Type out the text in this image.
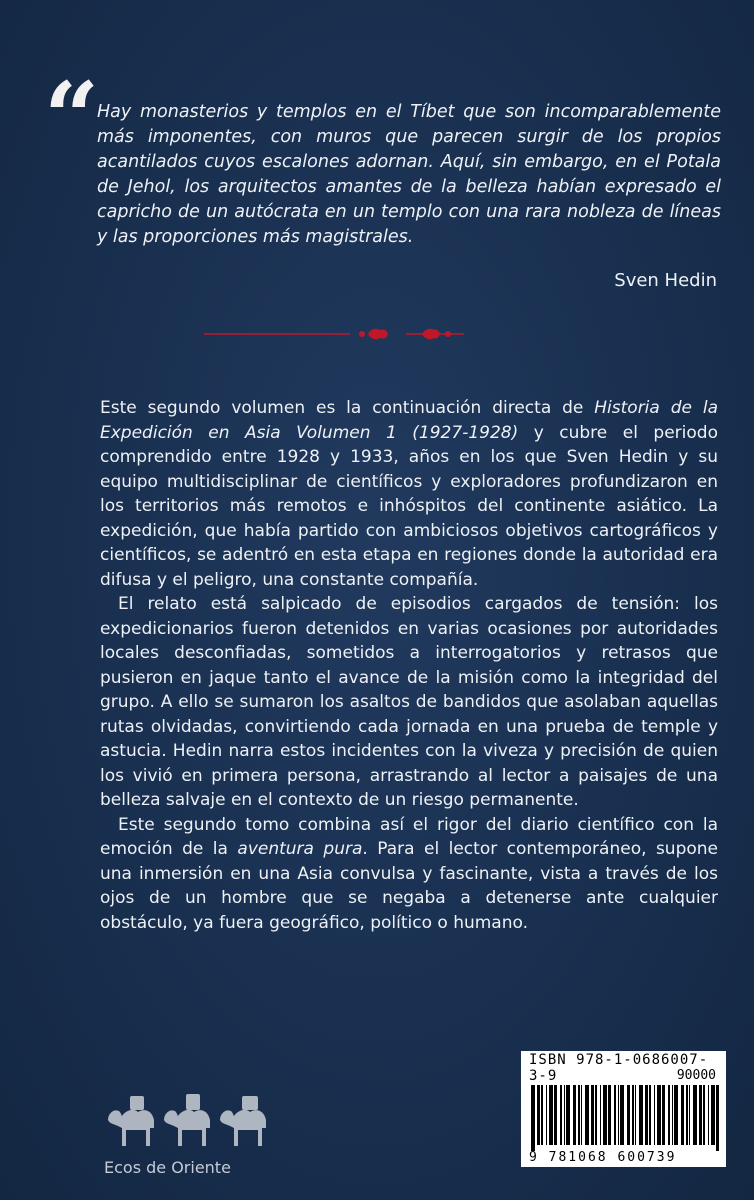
“
Hay monasterios y templos en el Tíbet que son incomparablemente más imponentes, con muros que parecen surgir de los propios acantilados cuyos escalones adornan. Aquí, sin embargo, en el Potala de Jehol, los arquitectos amantes de la belleza habían expresado el capricho de un autócrata en un templo con una rara nobleza de líneas y las proporciones más magistrales.
Sven Hedin

Este segundo volumen es la continuación directa de Historia de la Expedición en Asia Volumen 1 (1927-1928) y cubre el periodo comprendido entre 1928 y 1933, años en los que Sven Hedin y su equipo multidisciplinar de científicos y exploradores profundizaron en los territorios más remotos e inhóspitos del continente asiático. La expedición, que había partido con ambiciosos objetivos cartográficos y científicos, se adentró en esta etapa en regiones donde la autoridad era difusa y el peligro, una constante compañía.

El relato está salpicado de episodios cargados de tensión: los expedicionarios fueron detenidos en varias ocasiones por autoridades locales desconfiadas, sometidos a interrogatorios y retrasos que pusieron en jaque tanto el avance de la misión como la integridad del grupo. A ello se sumaron los asaltos de bandidos que asolaban aquellas rutas olvidadas, convirtiendo cada jornada en una prueba de temple y astucia. Hedin narra estos incidentes con la viveza y precisión de quien los vivió en primera persona, arrastrando al lector a paisajes de una belleza salvaje en el contexto de un riesgo permanente.

Este segundo tomo combina así el rigor del diario científico con la emoción de la aventura pura. Para el lector contemporáneo, supone una inmersión en una Asia convulsa y fascinante, vista a través de los ojos de un hombre que se negaba a detenerse ante cualquier obstáculo, ya fuera geográfico, político o humano.

Ecos de Oriente
ISBN 978-1-0686007-3-9	90000
9 781068 600739
